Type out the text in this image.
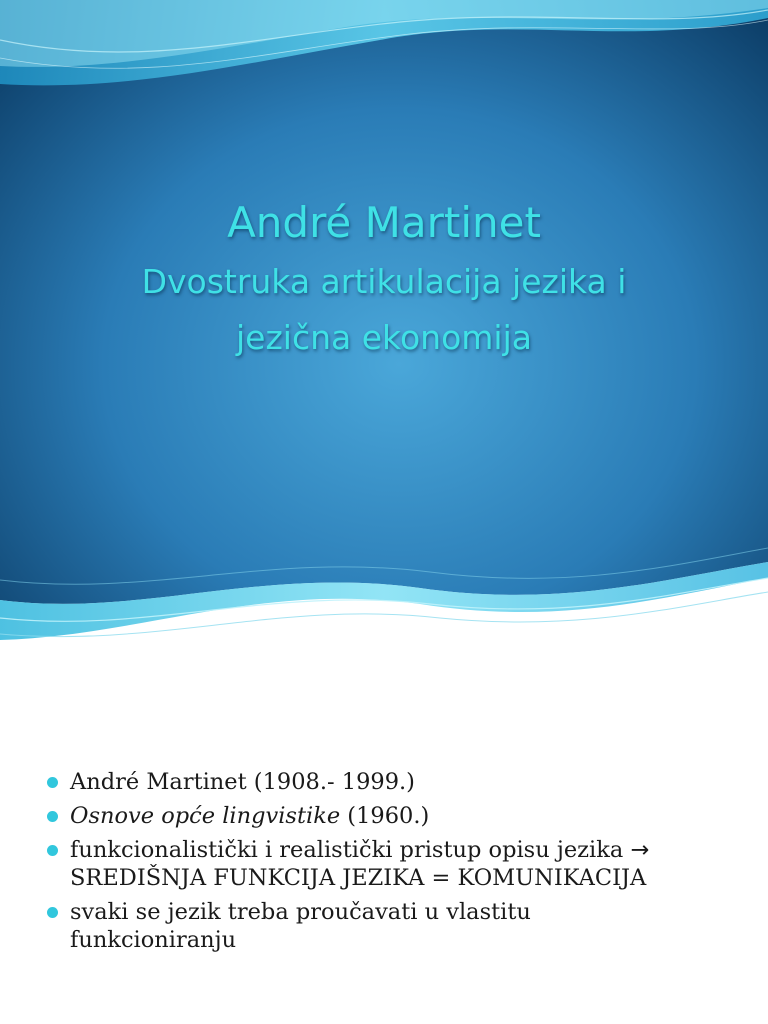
André Martinet
Dvostruka artikulacija jezika i
jezična ekonomija
André Martinet (1908.- 1999.)
Osnove opće lingvistike (1960.)
funkcionalistički i realistički pristup opisu jezika →
SREDIŠNJA FUNKCIJA JEZIKA = KOMUNIKACIJA
svaki se jezik treba proučavati u vlastitu
funkcioniranju
